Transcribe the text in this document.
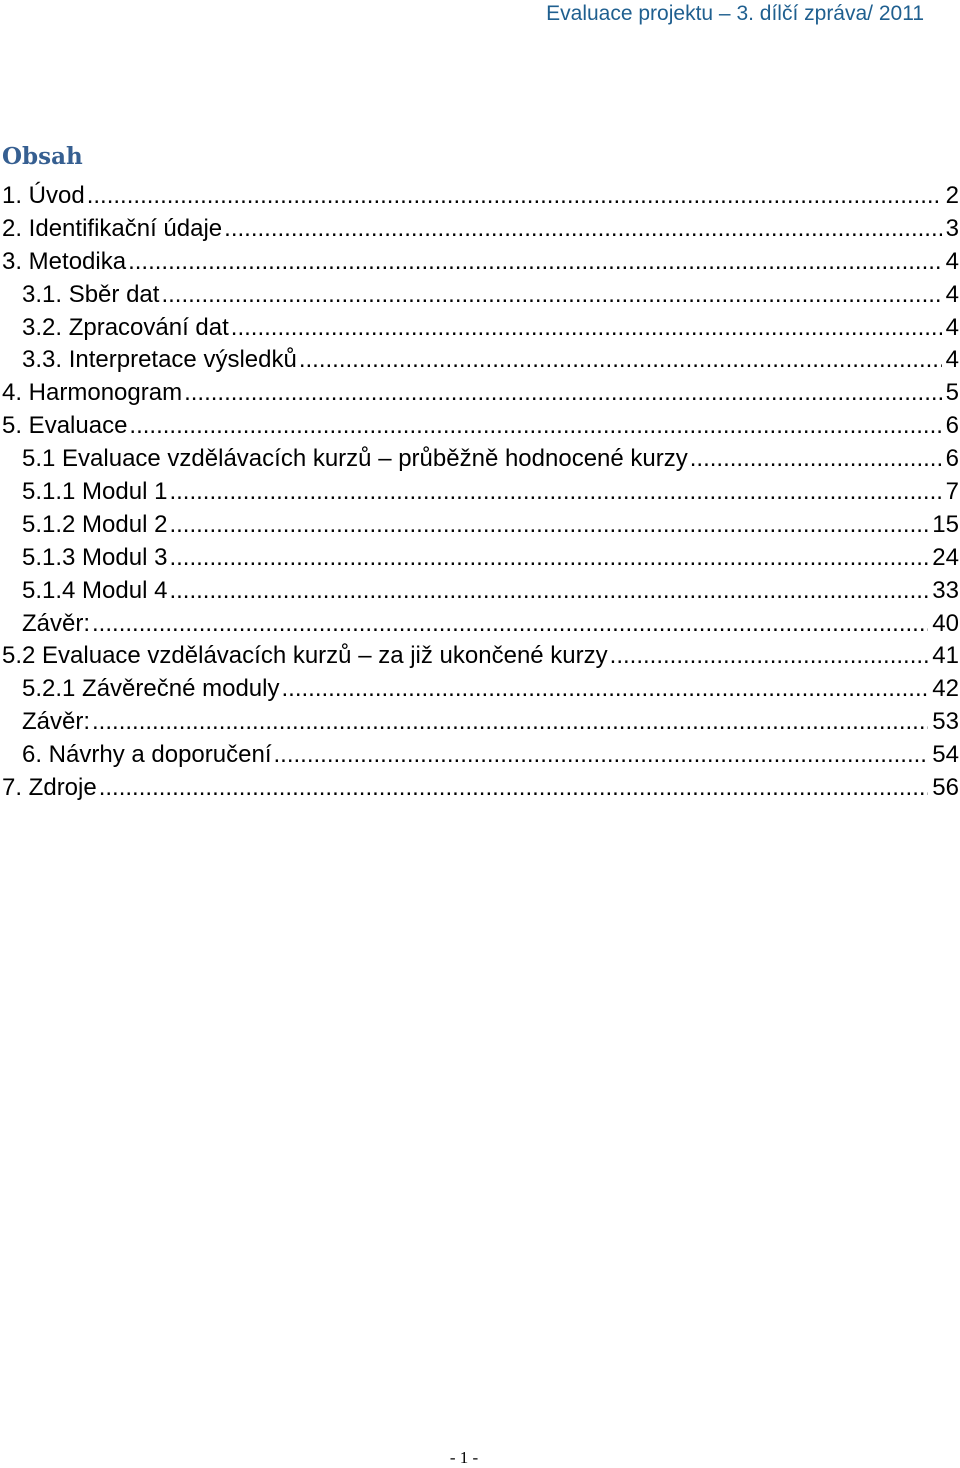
Evaluace projektu – 3. dílčí zpráva/ 2011
Obsah
1. Úvod .....	2
2. Identifikační údaje .....	3
3. Metodika .....	4
3.1. Sběr dat .....	4
3.2. Zpracování dat .....	4
3.3. Interpretace výsledků .....	4
4. Harmonogram .....	5
5. Evaluace .....	6
5.1 Evaluace vzdělávacích kurzů – průběžně hodnocené kurzy .....	6
5.1.1 Modul 1 .....	7
5.1.2 Modul 2 .....	15
5.1.3 Modul 3 .....	24
5.1.4 Modul 4 .....	33
Závěr: .....	40
5.2 Evaluace vzdělávacích kurzů – za již ukončené kurzy .....	41
5.2.1 Závěrečné moduly .....	42
Závěr: .....	53
6. Návrhy a doporučení .....	54
7. Zdroje .....	56
- 1 -
